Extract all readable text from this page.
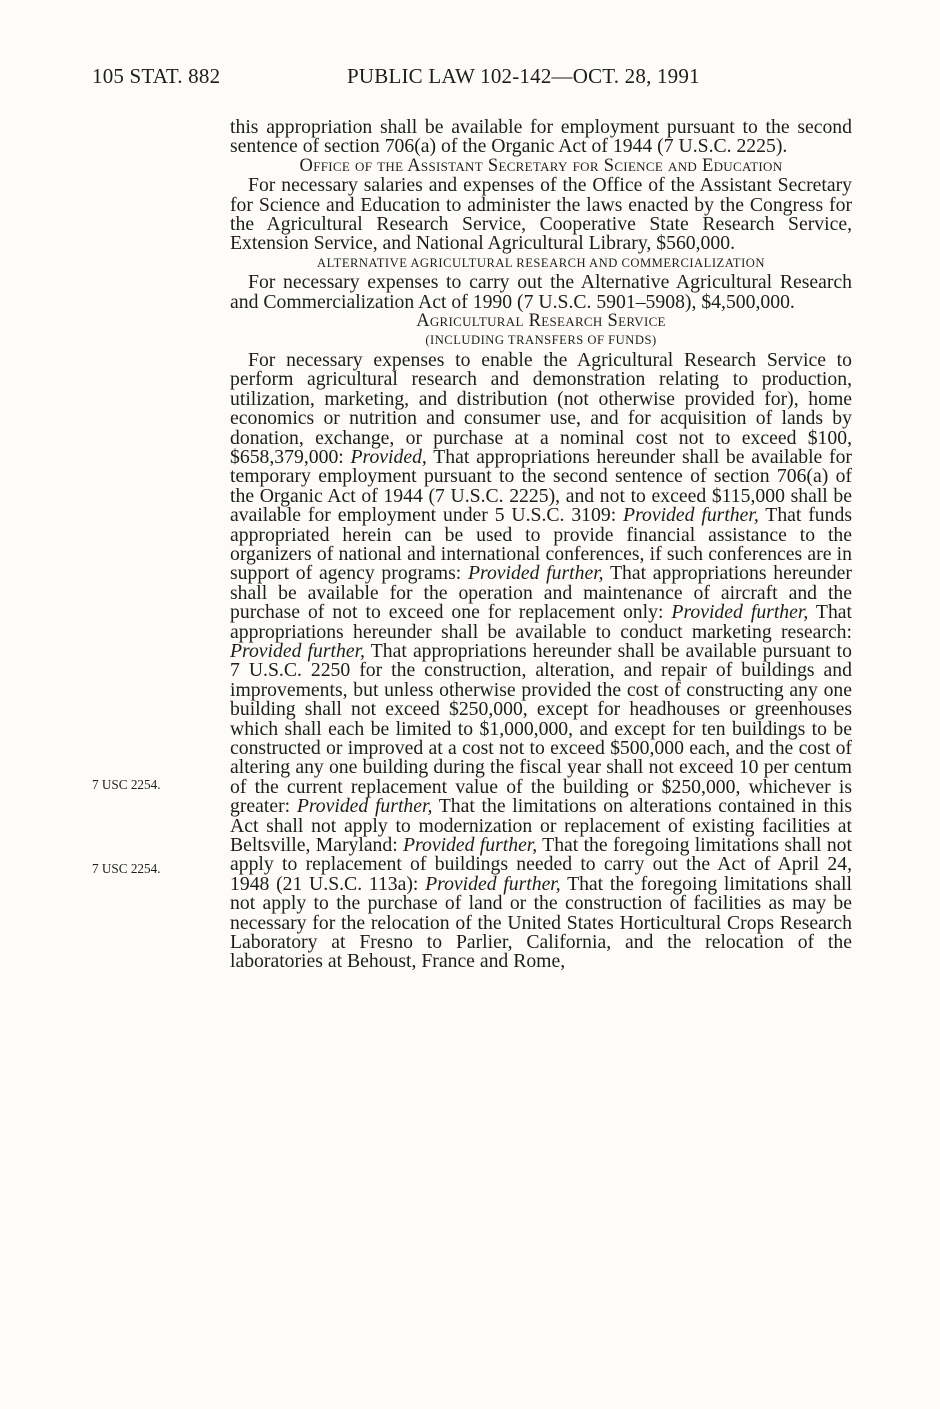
105 STAT. 882	PUBLIC LAW 102-142—OCT. 28, 1991
7 USC 2254.
7 USC 2254.

this appropriation shall be available for employment pursuant to the second sentence of section 706(a) of the Organic Act of 1944 (7 U.S.C. 2225).

Office of the Assistant Secretary for Science and Education

For necessary salaries and expenses of the Office of the Assistant Secretary for Science and Education to administer the laws enacted by the Congress for the Agricultural Research Service, Cooperative State Research Service, Extension Service, and National Agricultural Library, $560,000.

ALTERNATIVE AGRICULTURAL RESEARCH AND COMMERCIALIZATION

For necessary expenses to carry out the Alternative Agricultural Research and Commercialization Act of 1990 (7 U.S.C. 5901–5908), $4,500,000.

Agricultural Research Service

(INCLUDING TRANSFERS OF FUNDS)

For necessary expenses to enable the Agricultural Research Service to perform agricultural research and demonstration relating to production, utilization, marketing, and distribution (not otherwise provided for), home economics or nutrition and consumer use, and for acquisition of lands by donation, exchange, or purchase at a nominal cost not to exceed $100, $658,379,000: Provided, That appropriations hereunder shall be available for temporary employment pursuant to the second sentence of section 706(a) of the Organic Act of 1944 (7 U.S.C. 2225), and not to exceed $115,000 shall be available for employment under 5 U.S.C. 3109: Provided further, That funds appropriated herein can be used to provide financial assistance to the organizers of national and international conferences, if such conferences are in support of agency programs: Provided further, That appropriations hereunder shall be available for the operation and maintenance of aircraft and the purchase of not to exceed one for replacement only: Provided further, That appropriations hereunder shall be available to conduct marketing research: Provided further, That appropriations hereunder shall be available pursuant to 7 U.S.C. 2250 for the construction, alteration, and repair of buildings and improvements, but unless otherwise provided the cost of constructing any one building shall not exceed $250,000, except for headhouses or greenhouses which shall each be limited to $1,000,000, and except for ten buildings to be constructed or improved at a cost not to exceed $500,000 each, and the cost of altering any one building during the fiscal year shall not exceed 10 per centum of the current replacement value of the building or $250,000, whichever is greater: Provided further, That the limitations on alterations contained in this Act shall not apply to modernization or replacement of existing facilities at Beltsville, Maryland: Provided further, That the foregoing limitations shall not apply to replacement of buildings needed to carry out the Act of April 24, 1948 (21 U.S.C. 113a): Provided further, That the foregoing limitations shall not apply to the purchase of land or the construction of facilities as may be necessary for the relocation of the United States Horticultural Crops Research Laboratory at Fresno to Parlier, California, and the relocation of the laboratories at Behoust, France and Rome,
